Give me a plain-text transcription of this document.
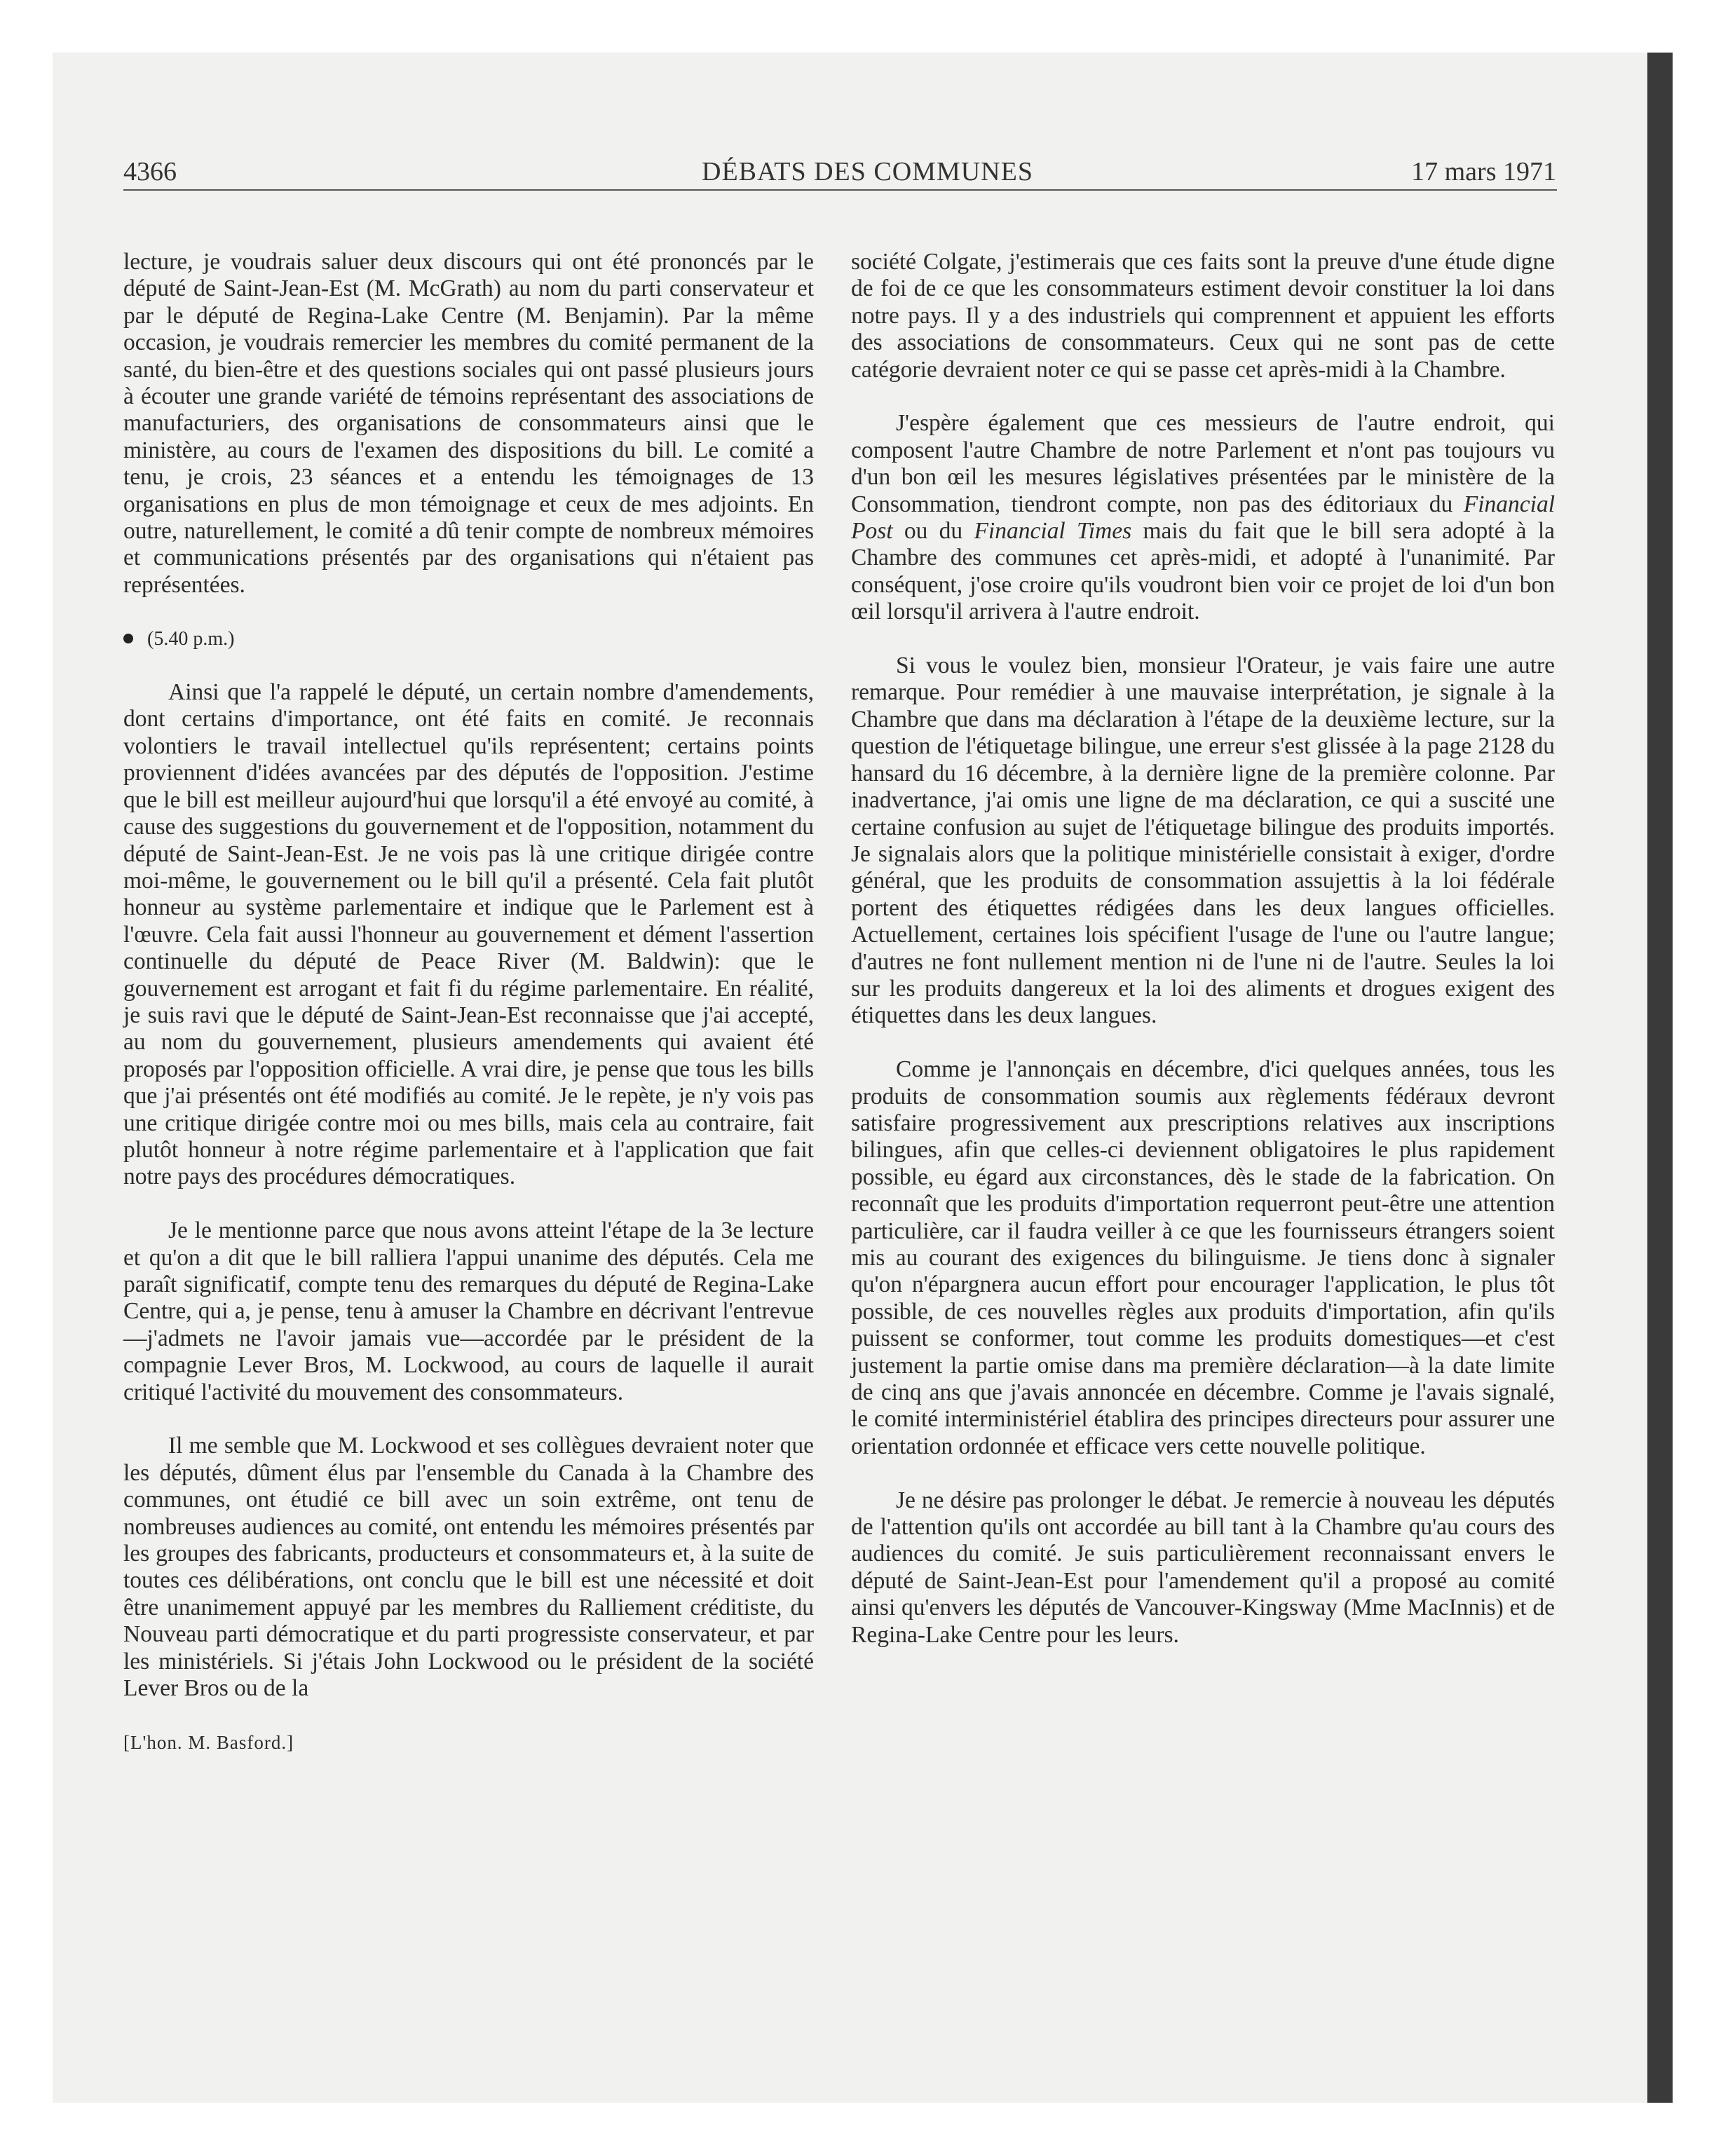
4366	DÉBATS DES COMMUNES	17 mars 1971

lecture, je voudrais saluer deux discours qui ont été prononcés par le député de Saint-Jean-Est (M. McGrath) au nom du parti conservateur et par le député de Regina-Lake Centre (M. Benjamin). Par la même occasion, je voudrais remercier les membres du comité permanent de la santé, du bien-être et des questions sociales qui ont passé plusieurs jours à écouter une grande variété de témoins représentant des associations de manufacturiers, des organisations de consommateurs ainsi que le ministère, au cours de l'examen des dispositions du bill. Le comité a tenu, je crois, 23 séances et a entendu les témoignages de 13 organisations en plus de mon témoignage et ceux de mes adjoints. En outre, naturellement, le comité a dû tenir compte de nombreux mémoires et communications présentés par des organisations qui n'étaient pas représentées.

(5.40 p.m.)

Ainsi que l'a rappelé le député, un certain nombre d'amendements, dont certains d'importance, ont été faits en comité. Je reconnais volontiers le travail intellectuel qu'ils représentent; certains points proviennent d'idées avancées par des députés de l'opposition. J'estime que le bill est meilleur aujourd'hui que lorsqu'il a été envoyé au comité, à cause des suggestions du gouvernement et de l'opposition, notamment du député de Saint-Jean-Est. Je ne vois pas là une critique dirigée contre moi-même, le gouvernement ou le bill qu'il a présenté. Cela fait plutôt honneur au système parlementaire et indique que le Parlement est à l'œuvre. Cela fait aussi l'honneur au gouvernement et dément l'assertion continuelle du député de Peace River (M. Baldwin): que le gouvernement est arrogant et fait fi du régime parlementaire. En réalité, je suis ravi que le député de Saint-Jean-Est reconnaisse que j'ai accepté, au nom du gouvernement, plusieurs amendements qui avaient été proposés par l'opposition officielle. A vrai dire, je pense que tous les bills que j'ai présentés ont été modifiés au comité. Je le repète, je n'y vois pas une critique dirigée contre moi ou mes bills, mais cela au contraire, fait plutôt honneur à notre régime parlementaire et à l'application que fait notre pays des procédures démocratiques.

Je le mentionne parce que nous avons atteint l'étape de la 3e lecture et qu'on a dit que le bill ralliera l'appui unanime des députés. Cela me paraît significatif, compte tenu des remarques du député de Regina-Lake Centre, qui a, je pense, tenu à amuser la Chambre en décrivant l'entrevue—j'admets ne l'avoir jamais vue—accordée par le président de la compagnie Lever Bros, M. Lockwood, au cours de laquelle il aurait critiqué l'activité du mouvement des consommateurs.

Il me semble que M. Lockwood et ses collègues devraient noter que les députés, dûment élus par l'ensemble du Canada à la Chambre des communes, ont étudié ce bill avec un soin extrême, ont tenu de nombreuses audiences au comité, ont entendu les mémoires présentés par les groupes des fabricants, producteurs et consommateurs et, à la suite de toutes ces délibérations, ont conclu que le bill est une nécessité et doit être unanimement appuyé par les membres du Ralliement créditiste, du Nouveau parti démocratique et du parti progressiste conservateur, et par les ministériels. Si j'étais John Lockwood ou le président de la société Lever Bros ou de la

[L'hon. M. Basford.]

société Colgate, j'estimerais que ces faits sont la preuve d'une étude digne de foi de ce que les consommateurs estiment devoir constituer la loi dans notre pays. Il y a des industriels qui comprennent et appuient les efforts des associations de consommateurs. Ceux qui ne sont pas de cette catégorie devraient noter ce qui se passe cet après-midi à la Chambre.

J'espère également que ces messieurs de l'autre endroit, qui composent l'autre Chambre de notre Parlement et n'ont pas toujours vu d'un bon œil les mesures législatives présentées par le ministère de la Consommation, tiendront compte, non pas des éditoriaux du Financial Post ou du Financial Times mais du fait que le bill sera adopté à la Chambre des communes cet après-midi, et adopté à l'unanimité. Par conséquent, j'ose croire qu'ils voudront bien voir ce projet de loi d'un bon œil lorsqu'il arrivera à l'autre endroit.

Si vous le voulez bien, monsieur l'Orateur, je vais faire une autre remarque. Pour remédier à une mauvaise interprétation, je signale à la Chambre que dans ma déclaration à l'étape de la deuxième lecture, sur la question de l'étiquetage bilingue, une erreur s'est glissée à la page 2128 du hansard du 16 décembre, à la dernière ligne de la première colonne. Par inadvertance, j'ai omis une ligne de ma déclaration, ce qui a suscité une certaine confusion au sujet de l'étiquetage bilingue des produits importés. Je signalais alors que la politique ministérielle consistait à exiger, d'ordre général, que les produits de consommation assujettis à la loi fédérale portent des étiquettes rédigées dans les deux langues officielles. Actuellement, certaines lois spécifient l'usage de l'une ou l'autre langue; d'autres ne font nullement mention ni de l'une ni de l'autre. Seules la loi sur les produits dangereux et la loi des aliments et drogues exigent des étiquettes dans les deux langues.

Comme je l'annonçais en décembre, d'ici quelques années, tous les produits de consommation soumis aux règlements fédéraux devront satisfaire progressivement aux prescriptions relatives aux inscriptions bilingues, afin que celles-ci deviennent obligatoires le plus rapidement possible, eu égard aux circonstances, dès le stade de la fabrication. On reconnaît que les produits d'importation requerront peut-être une attention particulière, car il faudra veiller à ce que les fournisseurs étrangers soient mis au courant des exigences du bilinguisme. Je tiens donc à signaler qu'on n'épargnera aucun effort pour encourager l'application, le plus tôt possible, de ces nouvelles règles aux produits d'importation, afin qu'ils puissent se conformer, tout comme les produits domestiques—et c'est justement la partie omise dans ma première déclaration—à la date limite de cinq ans que j'avais annoncée en décembre. Comme je l'avais signalé, le comité interministériel établira des principes directeurs pour assurer une orientation ordonnée et efficace vers cette nouvelle politique.

Je ne désire pas prolonger le débat. Je remercie à nouveau les députés de l'attention qu'ils ont accordée au bill tant à la Chambre qu'au cours des audiences du comité. Je suis particulièrement reconnaissant envers le député de Saint-Jean-Est pour l'amendement qu'il a proposé au comité ainsi qu'envers les députés de Vancouver-Kingsway (Mme MacInnis) et de Regina-Lake Centre pour les leurs.
